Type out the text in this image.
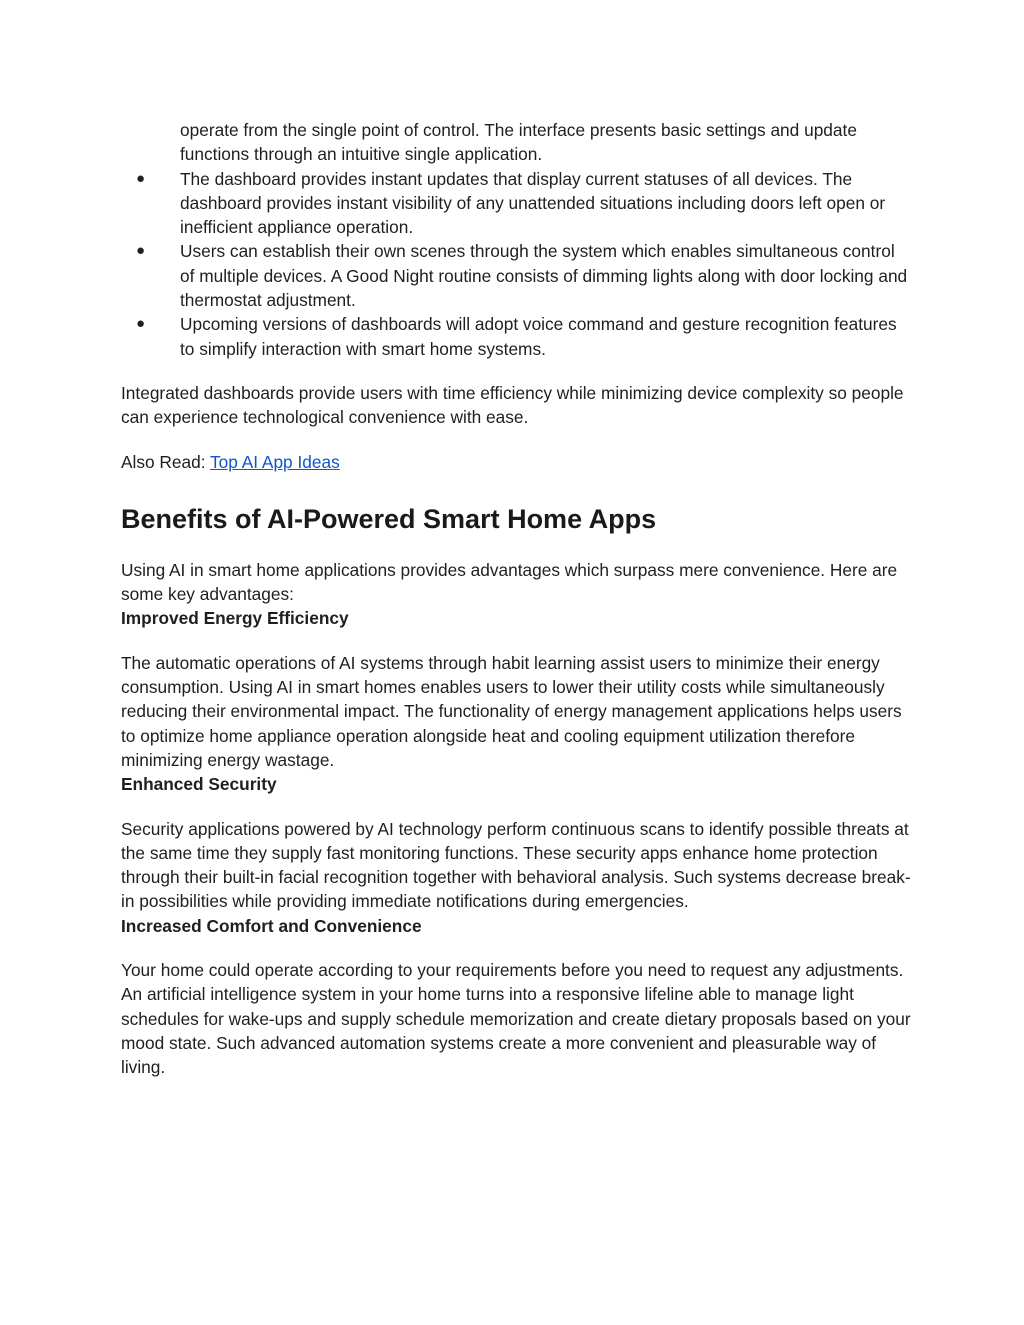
operate from the single point of control. The interface presents basic settings and update functions through an intuitive single application.
● The dashboard provides instant updates that display current statuses of all devices. The dashboard provides instant visibility of any unattended situations including doors left open or inefficient appliance operation.
● Users can establish their own scenes through the system which enables simultaneous control of multiple devices. A Good Night routine consists of dimming lights along with door locking and thermostat adjustment.
● Upcoming versions of dashboards will adopt voice command and gesture recognition features to simplify interaction with smart home systems.

Integrated dashboards provide users with time efficiency while minimizing device complexity so people can experience technological convenience with ease.

Also Read: Top AI App Ideas

Benefits of AI-Powered Smart Home Apps

Using AI in smart home applications provides advantages which surpass mere convenience. Here are some key advantages:

Improved Energy Efficiency

The automatic operations of AI systems through habit learning assist users to minimize their energy consumption. Using AI in smart homes enables users to lower their utility costs while simultaneously reducing their environmental impact. The functionality of energy management applications helps users to optimize home appliance operation alongside heat and cooling equipment utilization therefore minimizing energy wastage.

Enhanced Security

Security applications powered by AI technology perform continuous scans to identify possible threats at the same time they supply fast monitoring functions. These security apps enhance home protection through their built-in facial recognition together with behavioral analysis. Such systems decrease break-in possibilities while providing immediate notifications during emergencies.

Increased Comfort and Convenience

Your home could operate according to your requirements before you need to request any adjustments. An artificial intelligence system in your home turns into a responsive lifeline able to manage light schedules for wake-ups and supply schedule memorization and create dietary proposals based on your mood state. Such advanced automation systems create a more convenient and pleasurable way of living.
